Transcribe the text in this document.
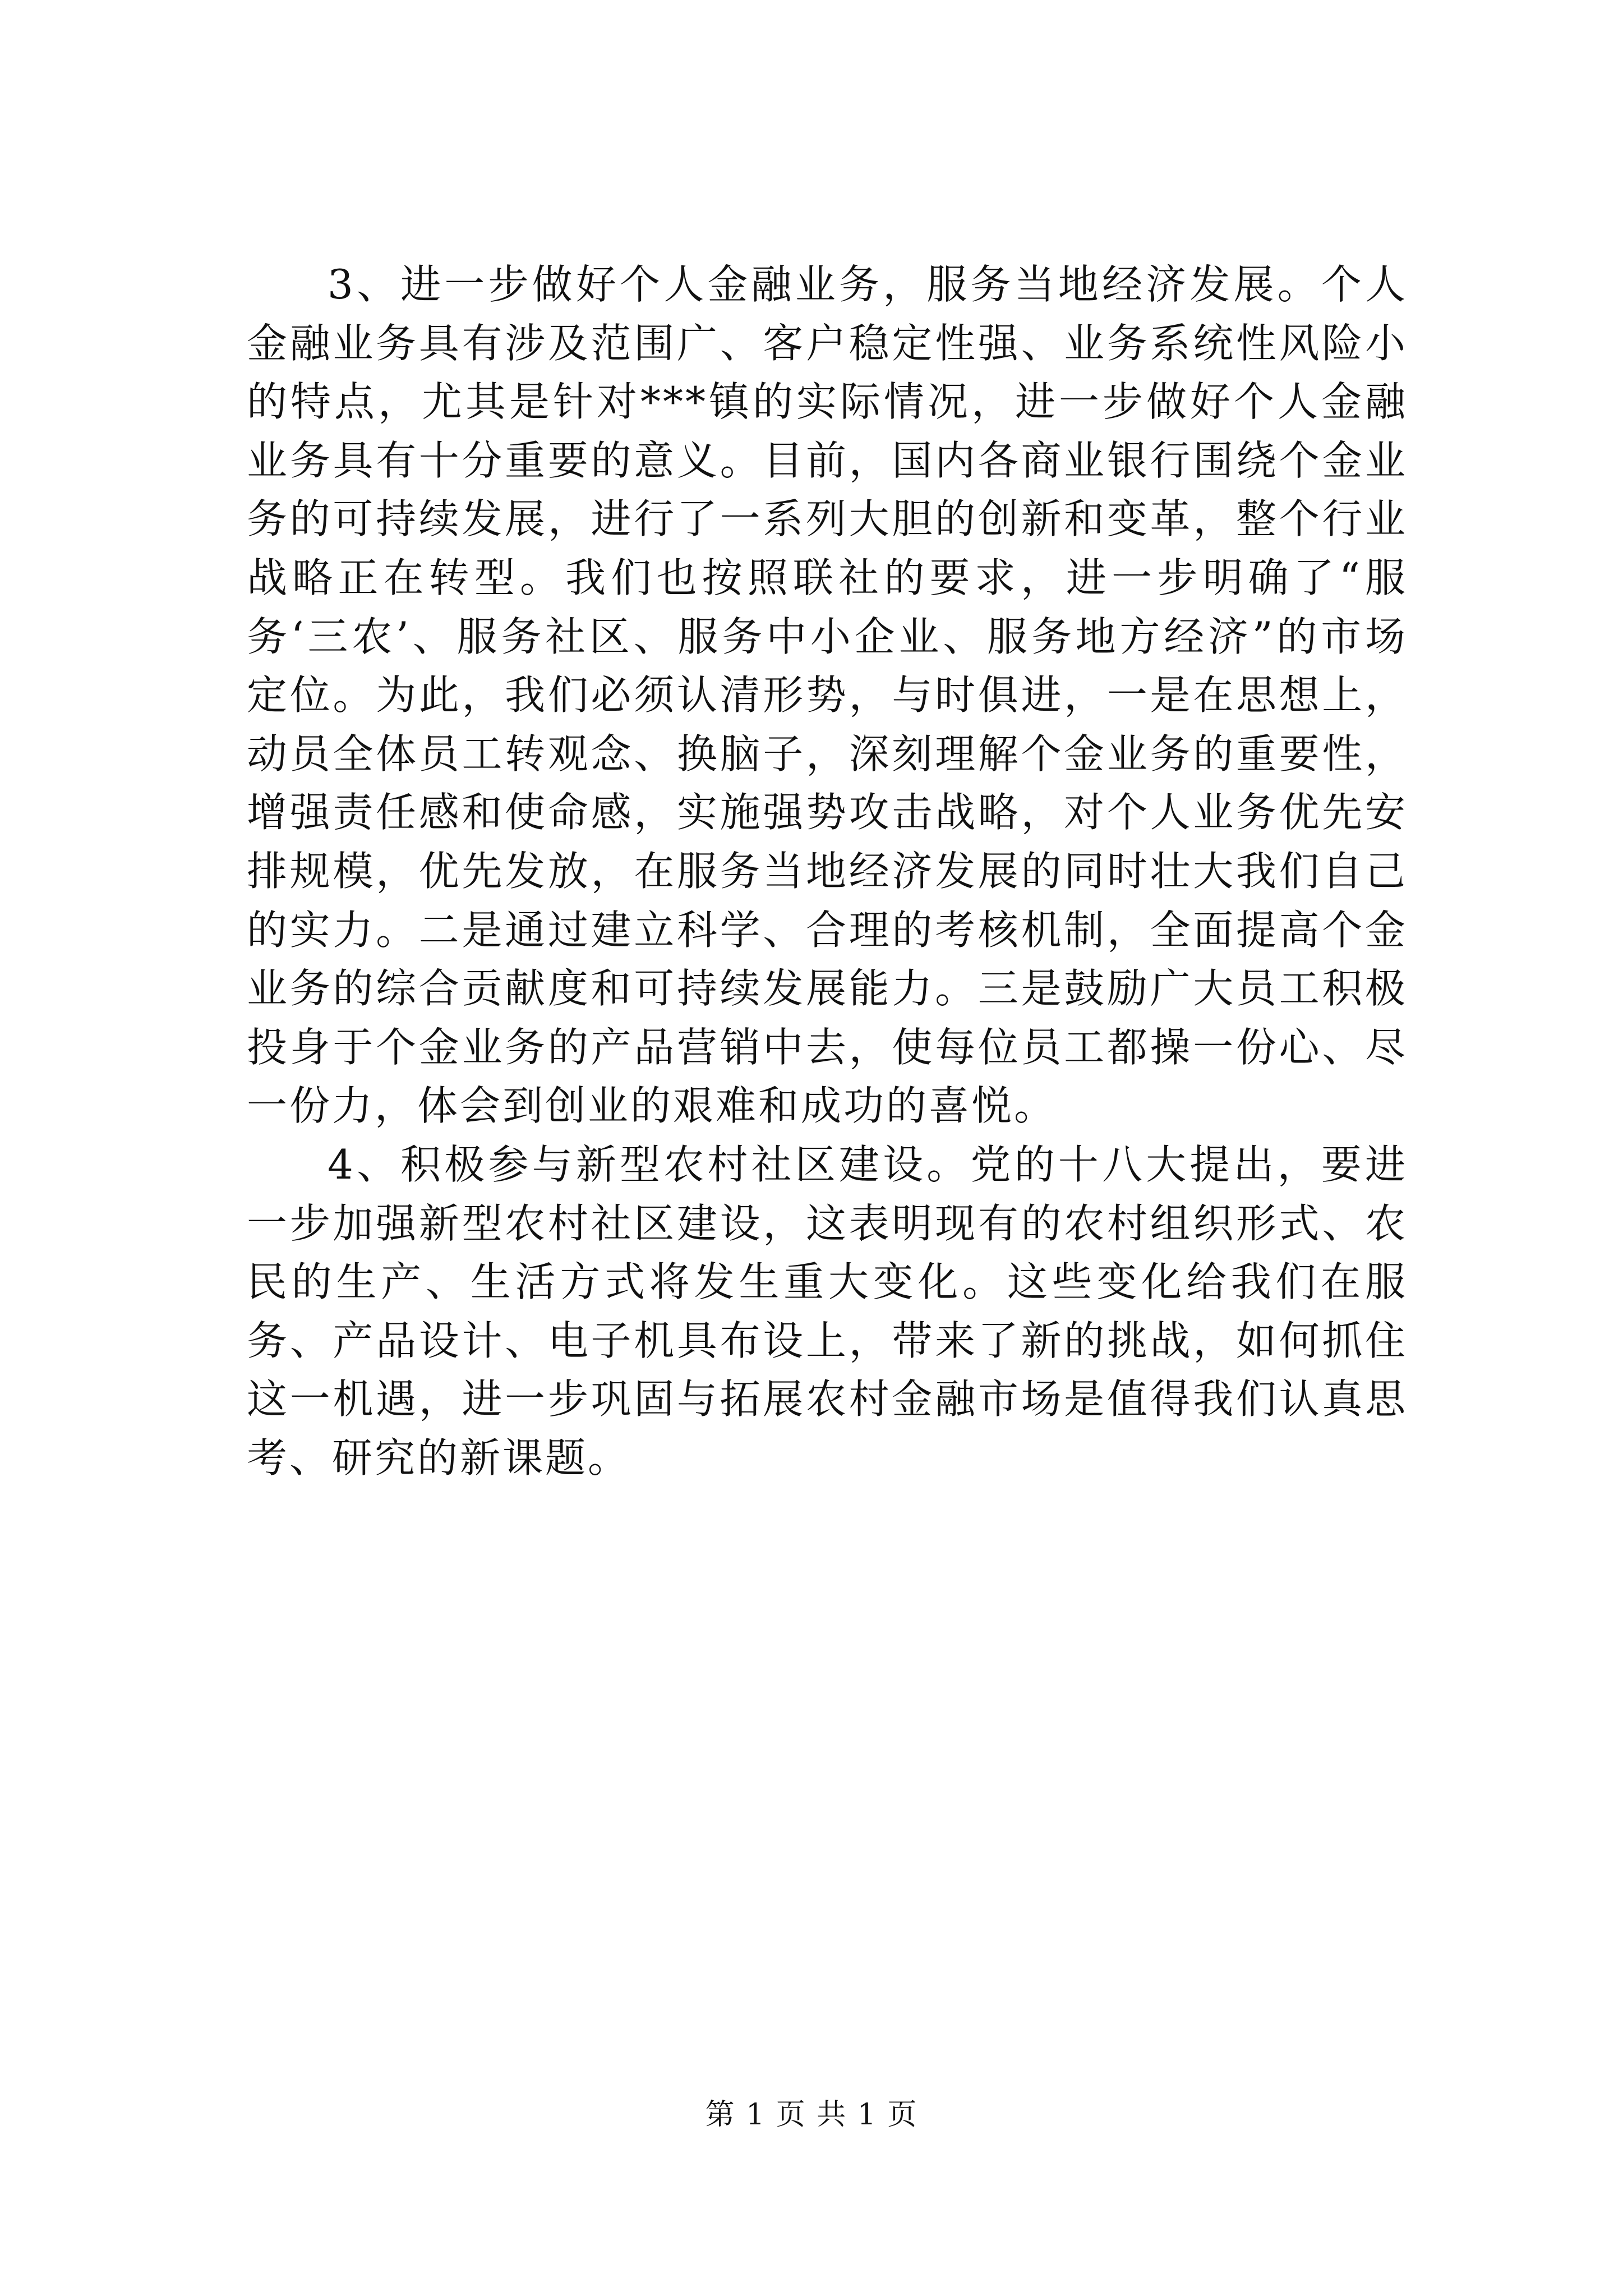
3、进一步做好个人金融业务，服务当地经济发展。个人金融业务具有涉及范围广、客户稳定性强、业务系统性风险小的特点，尤其是针对***镇的实际情况，进一步做好个人金融业务具有十分重要的意义。目前，国内各商业银行围绕个金业务的可持续发展，进行了一系列大胆的创新和变革，整个行业战略正在转型。我们也按照联社的要求，进一步明确了“服务‘三农’、服务社区、服务中小企业、服务地方经济”的市场定位。为此，我们必须认清形势，与时俱进，一是在思想上，动员全体员工转观念、换脑子，深刻理解个金业务的重要性，增强责任感和使命感，实施强势攻击战略，对个人业务优先安排规模，优先发放，在服务当地经济发展的同时壮大我们自己的实力。二是通过建立科学、合理的考核机制，全面提高个金业务的综合贡献度和可持续发展能力。三是鼓励广大员工积极投身于个金业务的产品营销中去，使每位员工都操一份心、尽一份力，体会到创业的艰难和成功的喜悦。

4、积极参与新型农村社区建设。党的十八大提出，要进一步加强新型农村社区建设，这表明现有的农村组织形式、农民的生产、生活方式将发生重大变化。这些变化给我们在服务、产品设计、电子机具布设上，带来了新的挑战，如何抓住这一机遇，进一步巩固与拓展农村金融市场是值得我们认真思考、研究的新课题。

第 1 页 共 1 页
